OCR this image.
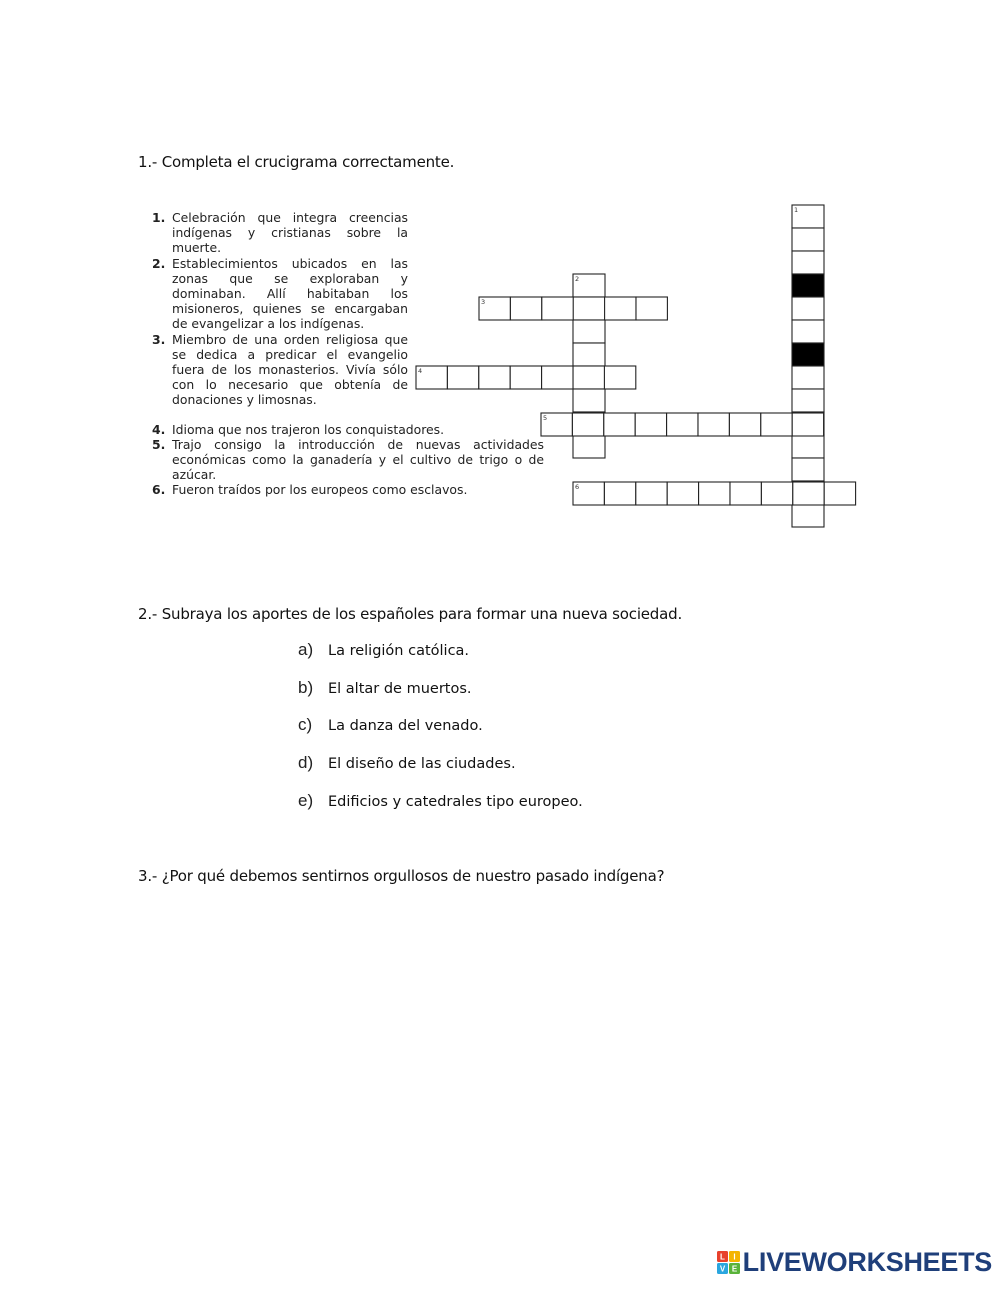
1.- Completa el crucigrama correctamente.

1. Celebración que integra creencias indígenas y cristianas sobre la muerte.
2. Establecimientos ubicados en las zonas que se exploraban y dominaban. Allí habitaban los misioneros, quienes se encargaban de evangelizar a los indígenas.
3. Miembro de una orden religiosa que se dedica a predicar el evangelio fuera de los monasterios. Vivía sólo con lo necesario que obtenía de donaciones y limosnas.
4. Idioma que nos trajeron los conquistadores.
5. Trajo consigo la introducción de nuevas actividades económicas como la ganadería y el cultivo de trigo o de azúcar.
6. Fueron traídos por los europeos como esclavos.
1
2
3
4
5
6

2.- Subraya los aportes de los españoles para formar una nueva sociedad.

a)	La religión católica.
b)	El altar de muertos.
c)	La danza del venado.
d)	El diseño de las ciudades.
e)	Edificios y catedrales tipo europeo.

3.- ¿Por qué debemos sentirnos orgullosos de nuestro pasado indígena?

L I
V E LIVEWORKSHEETS
